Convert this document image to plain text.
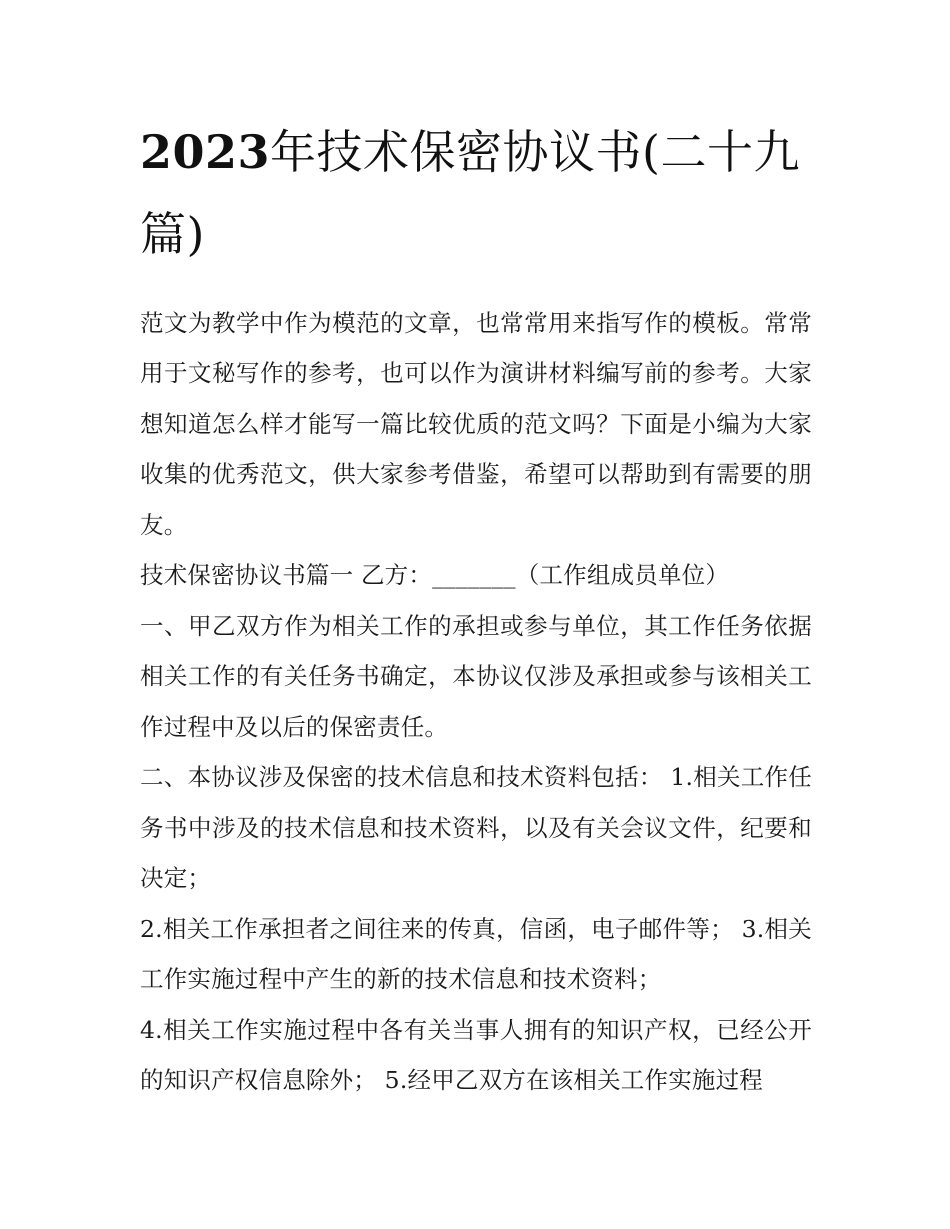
2023年技术保密协议书(二十九篇)

范文为教学中作为模范的文章，也常常用来指写作的模板。常常用于文秘写作的参考，也可以作为演讲材料编写前的参考。大家想知道怎么样才能写一篇比较优质的范文吗？下面是小编为大家收集的优秀范文，供大家参考借鉴，希望可以帮助到有需要的朋友。

技术保密协议书篇一 乙方：_______（工作组成员单位）

一、甲乙双方作为相关工作的承担或参与单位，其工作任务依据相关工作的有关任务书确定，本协议仅涉及承担或参与该相关工作过程中及以后的保密责任。

二、本协议涉及保密的技术信息和技术资料包括： 1.相关工作任务书中涉及的技术信息和技术资料，以及有关会议文件，纪要和决定；

2.相关工作承担者之间往来的传真，信函，电子邮件等； 3.相关工作实施过程中产生的新的技术信息和技术资料；

4.相关工作实施过程中各有关当事人拥有的知识产权，已经公开的知识产权信息除外； 5.经甲乙双方在该相关工作实施过程
